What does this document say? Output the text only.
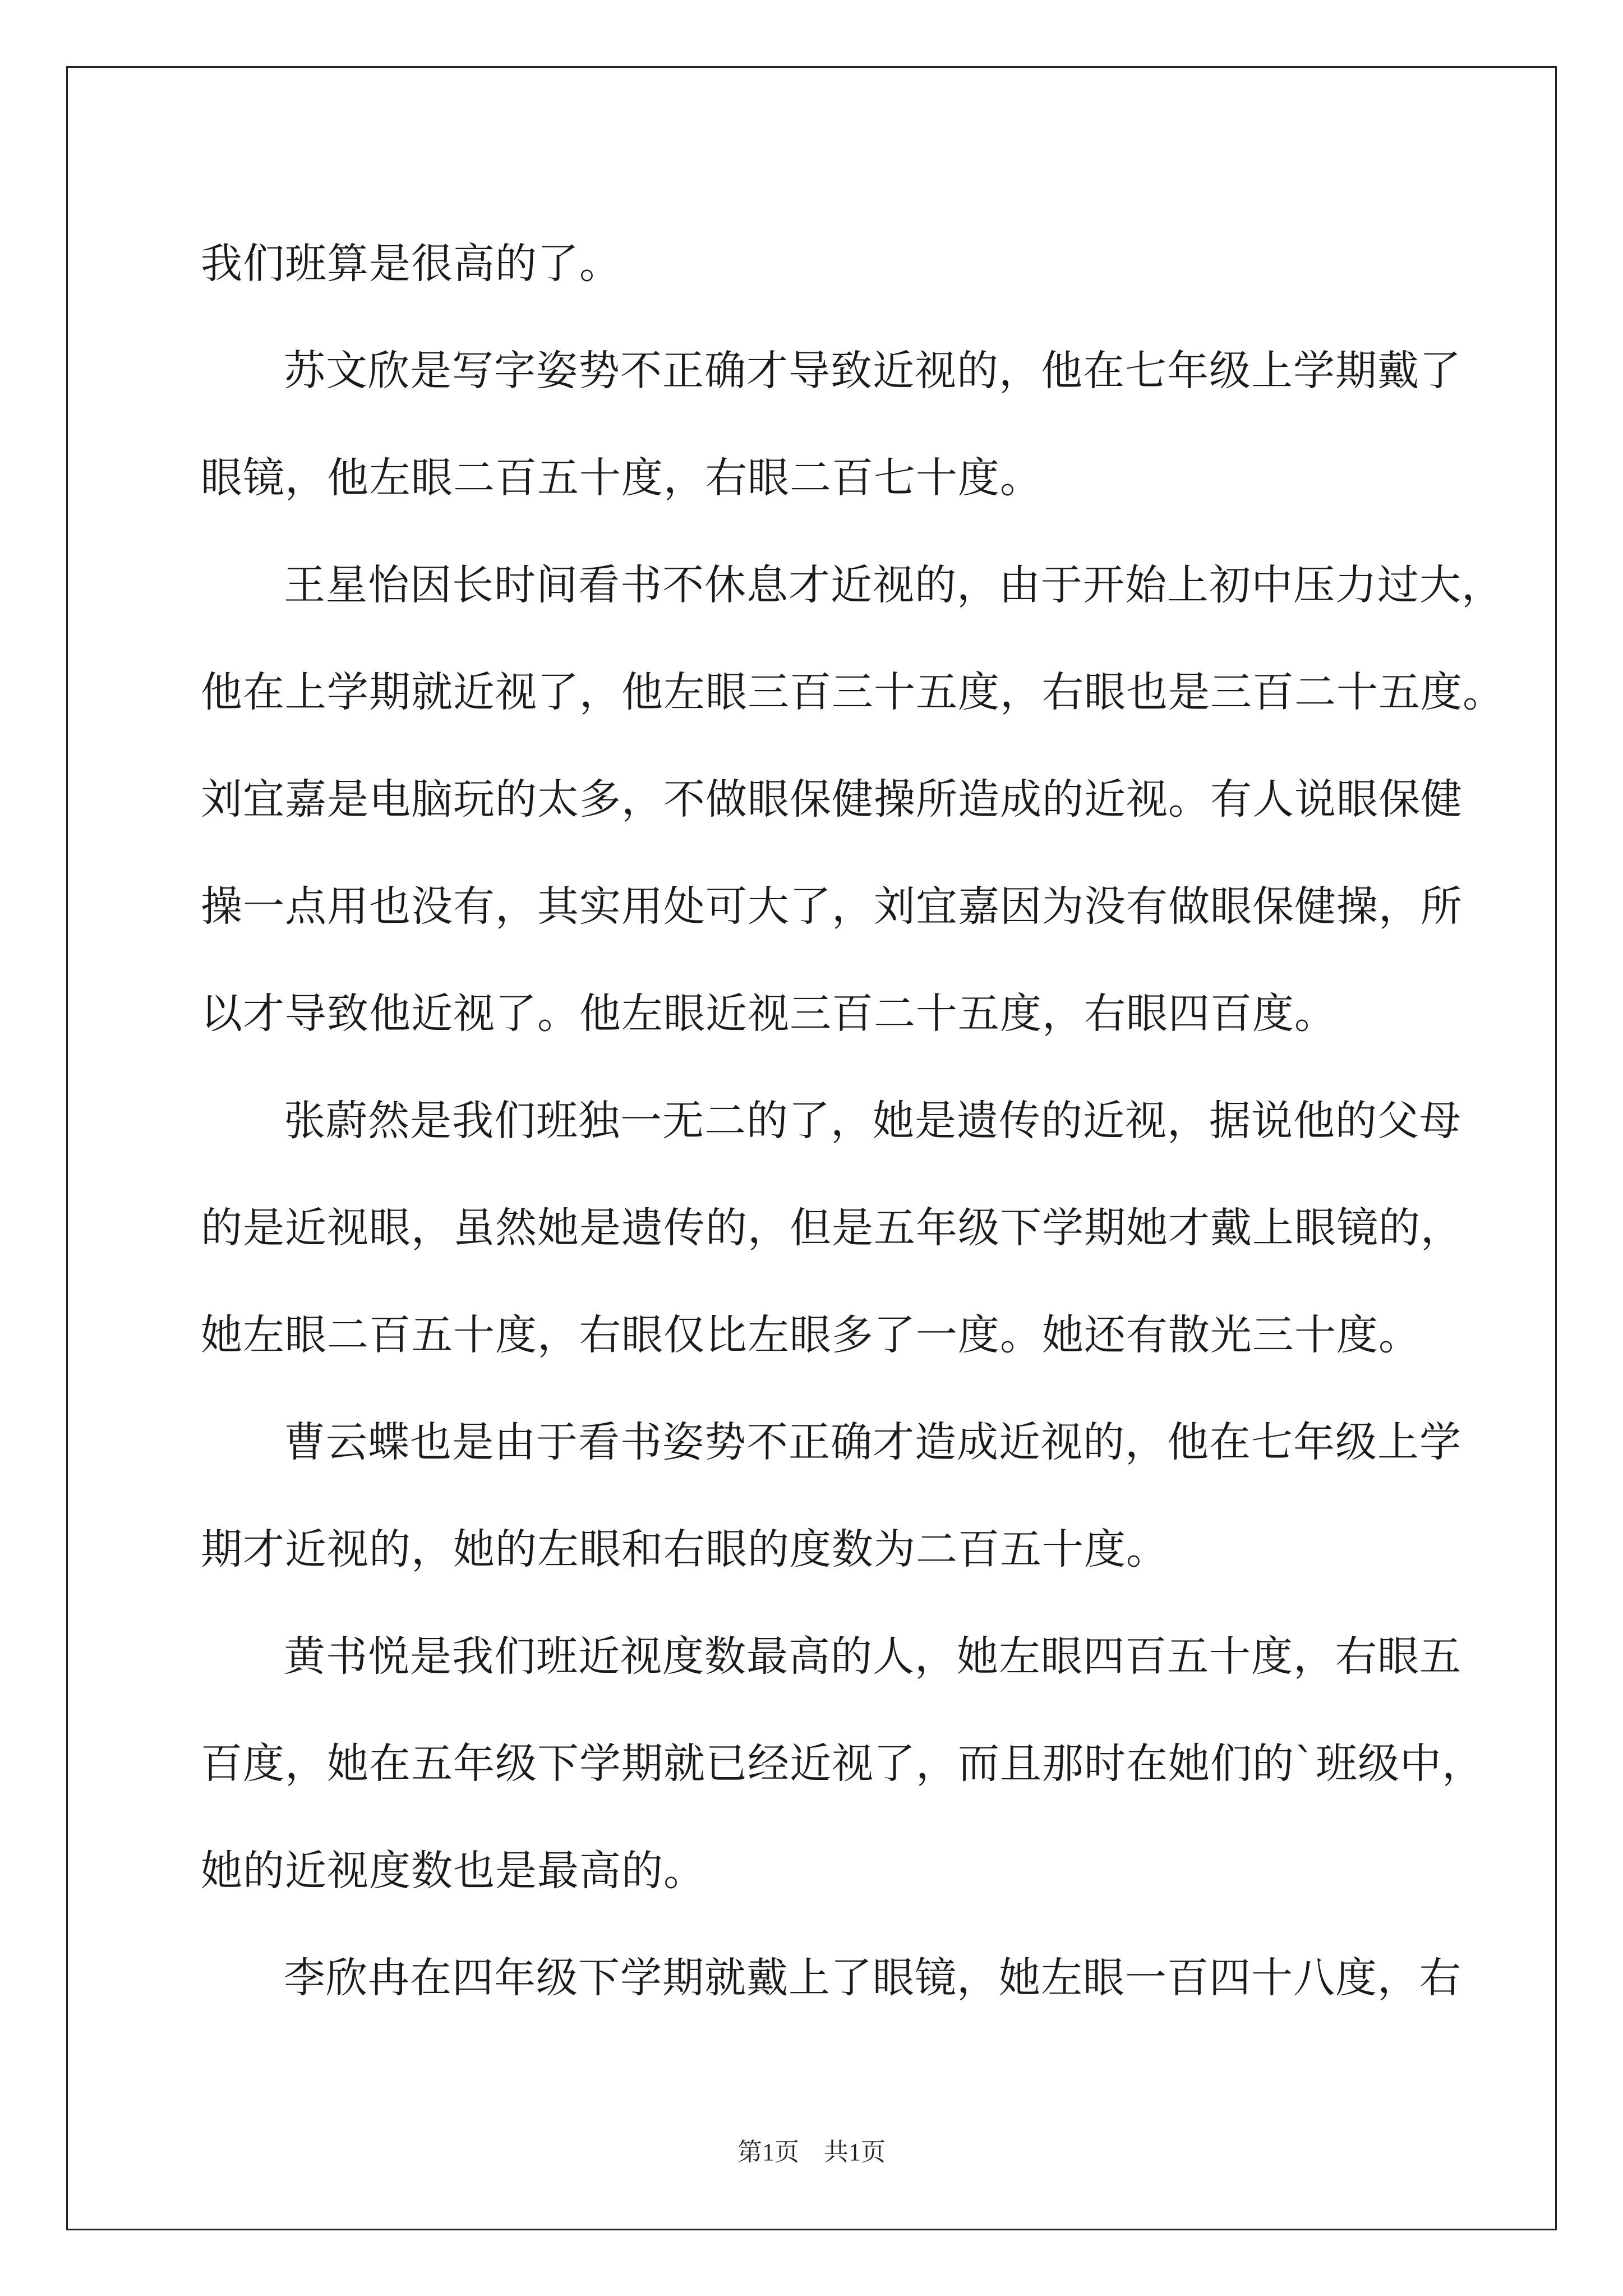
我们班算是很高的了。
苏文欣是写字姿势不正确才导致近视的，他在七年级上学期戴了
眼镜，他左眼二百五十度，右眼二百七十度。
王星怡因长时间看书不休息才近视的，由于开始上初中压力过大，
他在上学期就近视了，他左眼三百三十五度，右眼也是三百二十五度。
刘宜嘉是电脑玩的太多，不做眼保健操所造成的近视。有人说眼保健
操一点用也没有，其实用处可大了，刘宜嘉因为没有做眼保健操，所
以才导致他近视了。他左眼近视三百二十五度，右眼四百度。
张蔚然是我们班独一无二的了，她是遗传的近视，据说他的父母
的是近视眼，虽然她是遗传的，但是五年级下学期她才戴上眼镜的，
她左眼二百五十度，右眼仅比左眼多了一度。她还有散光三十度。
曹云蝶也是由于看书姿势不正确才造成近视的，他在七年级上学
期才近视的，她的左眼和右眼的度数为二百五十度。
黄书悦是我们班近视度数最高的人，她左眼四百五十度，右眼五
百度，她在五年级下学期就已经近视了，而且那时在她们的`班级中，
她的近视度数也是最高的。
李欣冉在四年级下学期就戴上了眼镜，她左眼一百四十八度，右
第1页　共1页
